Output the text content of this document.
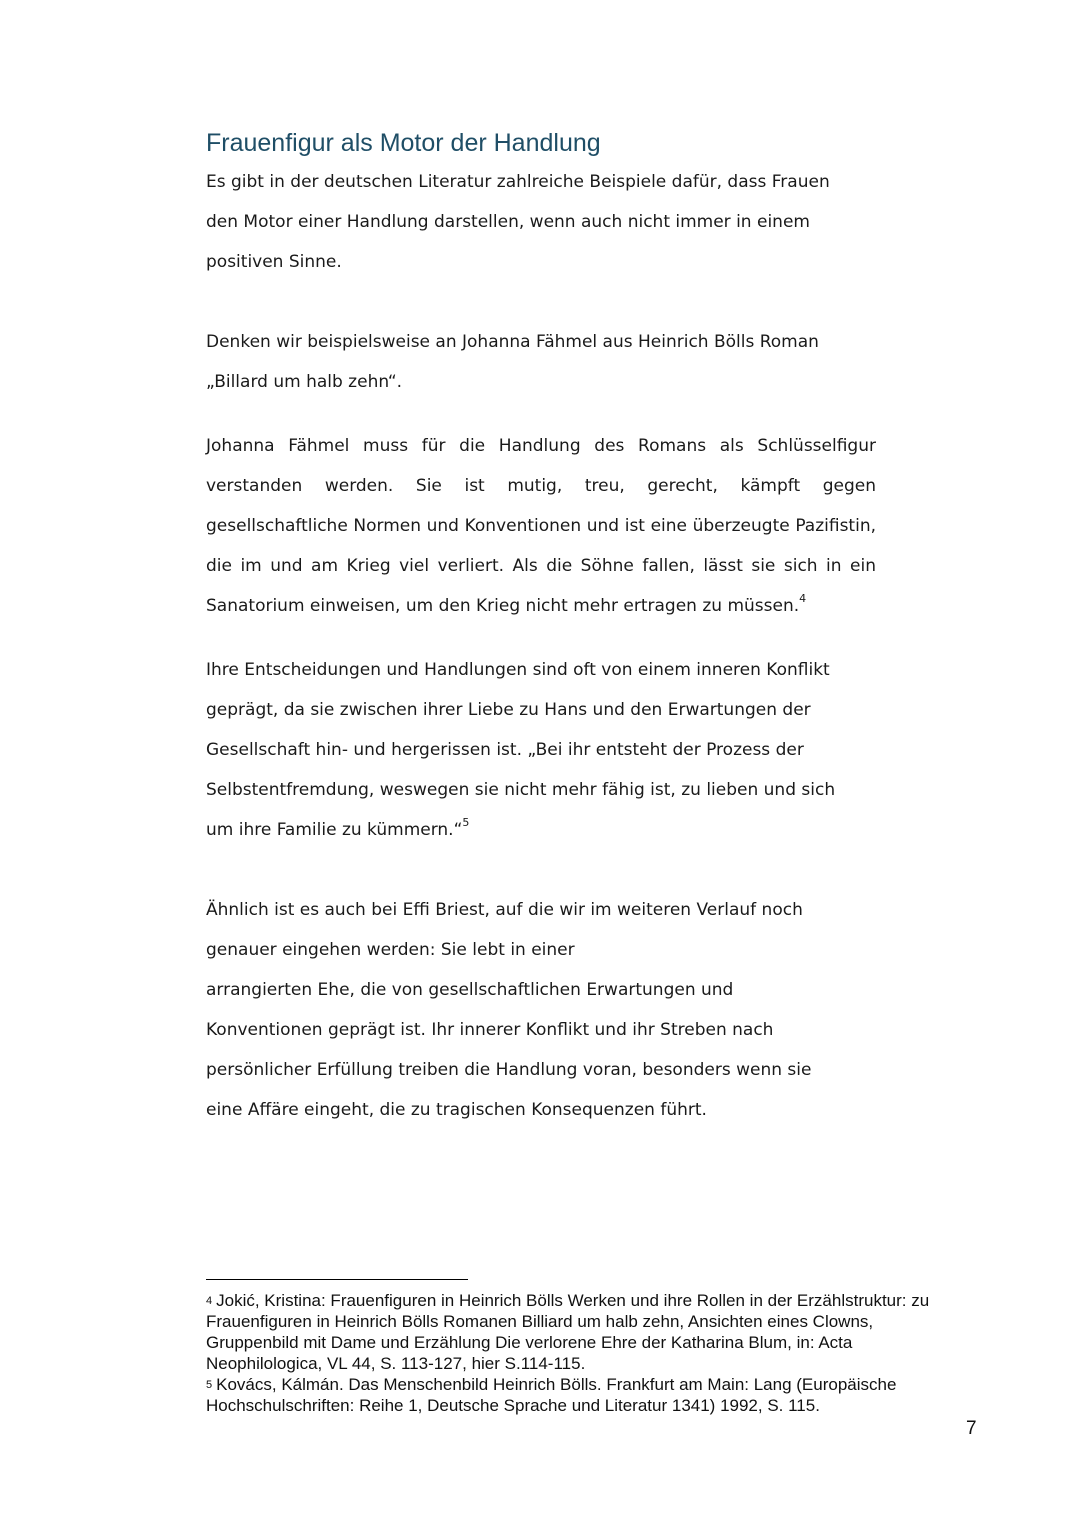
Frauenfigur als Motor der Handlung
Es gibt in der deutschen Literatur zahlreiche Beispiele dafür, dass Frauen
den Motor einer Handlung darstellen, wenn auch nicht immer in einem
positiven Sinne.
Denken wir beispielsweise an Johanna Fähmel aus Heinrich Bölls Roman
„Billard um halb zehn“.

Johanna Fähmel muss für die Handlung des Romans als Schlüsselfigur verstanden werden. Sie ist mutig, treu, gerecht, kämpft gegen gesellschaftliche Normen und Konventionen und ist eine überzeugte Pazifistin, die im und am Krieg viel verliert. Als die Söhne fallen, lässt sie sich in ein Sanatorium einweisen, um den Krieg nicht mehr ertragen zu müssen.$^4$

Ihre Entscheidungen und Handlungen sind oft von einem inneren Konflikt
geprägt, da sie zwischen ihrer Liebe zu Hans und den Erwartungen der
Gesellschaft hin- und hergerissen ist. „Bei ihr entsteht der Prozess der
Selbstentfremdung, weswegen sie nicht mehr fähig ist, zu lieben und sich
um ihre Familie zu kümmern.“$^5$
Ähnlich ist es auch bei Effi Briest, auf die wir im weiteren Verlauf noch
genauer eingehen werden: Sie lebt in einer
arrangierten Ehe, die von gesellschaftlichen Erwartungen und
Konventionen geprägt ist. Ihr innerer Konflikt und ihr Streben nach
persönlicher Erfüllung treiben die Handlung voran, besonders wenn sie
eine Affäre eingeht, die zu tragischen Konsequenzen führt.

$^4$ Jokić, Kristina: Frauenfiguren in Heinrich Bölls Werken und ihre Rollen in der Erzählstruktur: zu Frauenfiguren in Heinrich Bölls Romanen Billiard um halb zehn, Ansichten eines Clowns, Gruppenbild mit Dame und Erzählung Die verlorene Ehre der Katharina Blum, in: Acta Neophilologica, VL 44, S. 113-127, hier S.114-115.

$^5$ Kovács, Kálmán. Das Menschenbild Heinrich Bölls. Frankfurt am Main: Lang (Europäische Hochschulschriften: Reihe 1, Deutsche Sprache und Literatur 1341) 1992, S. 115.

7
